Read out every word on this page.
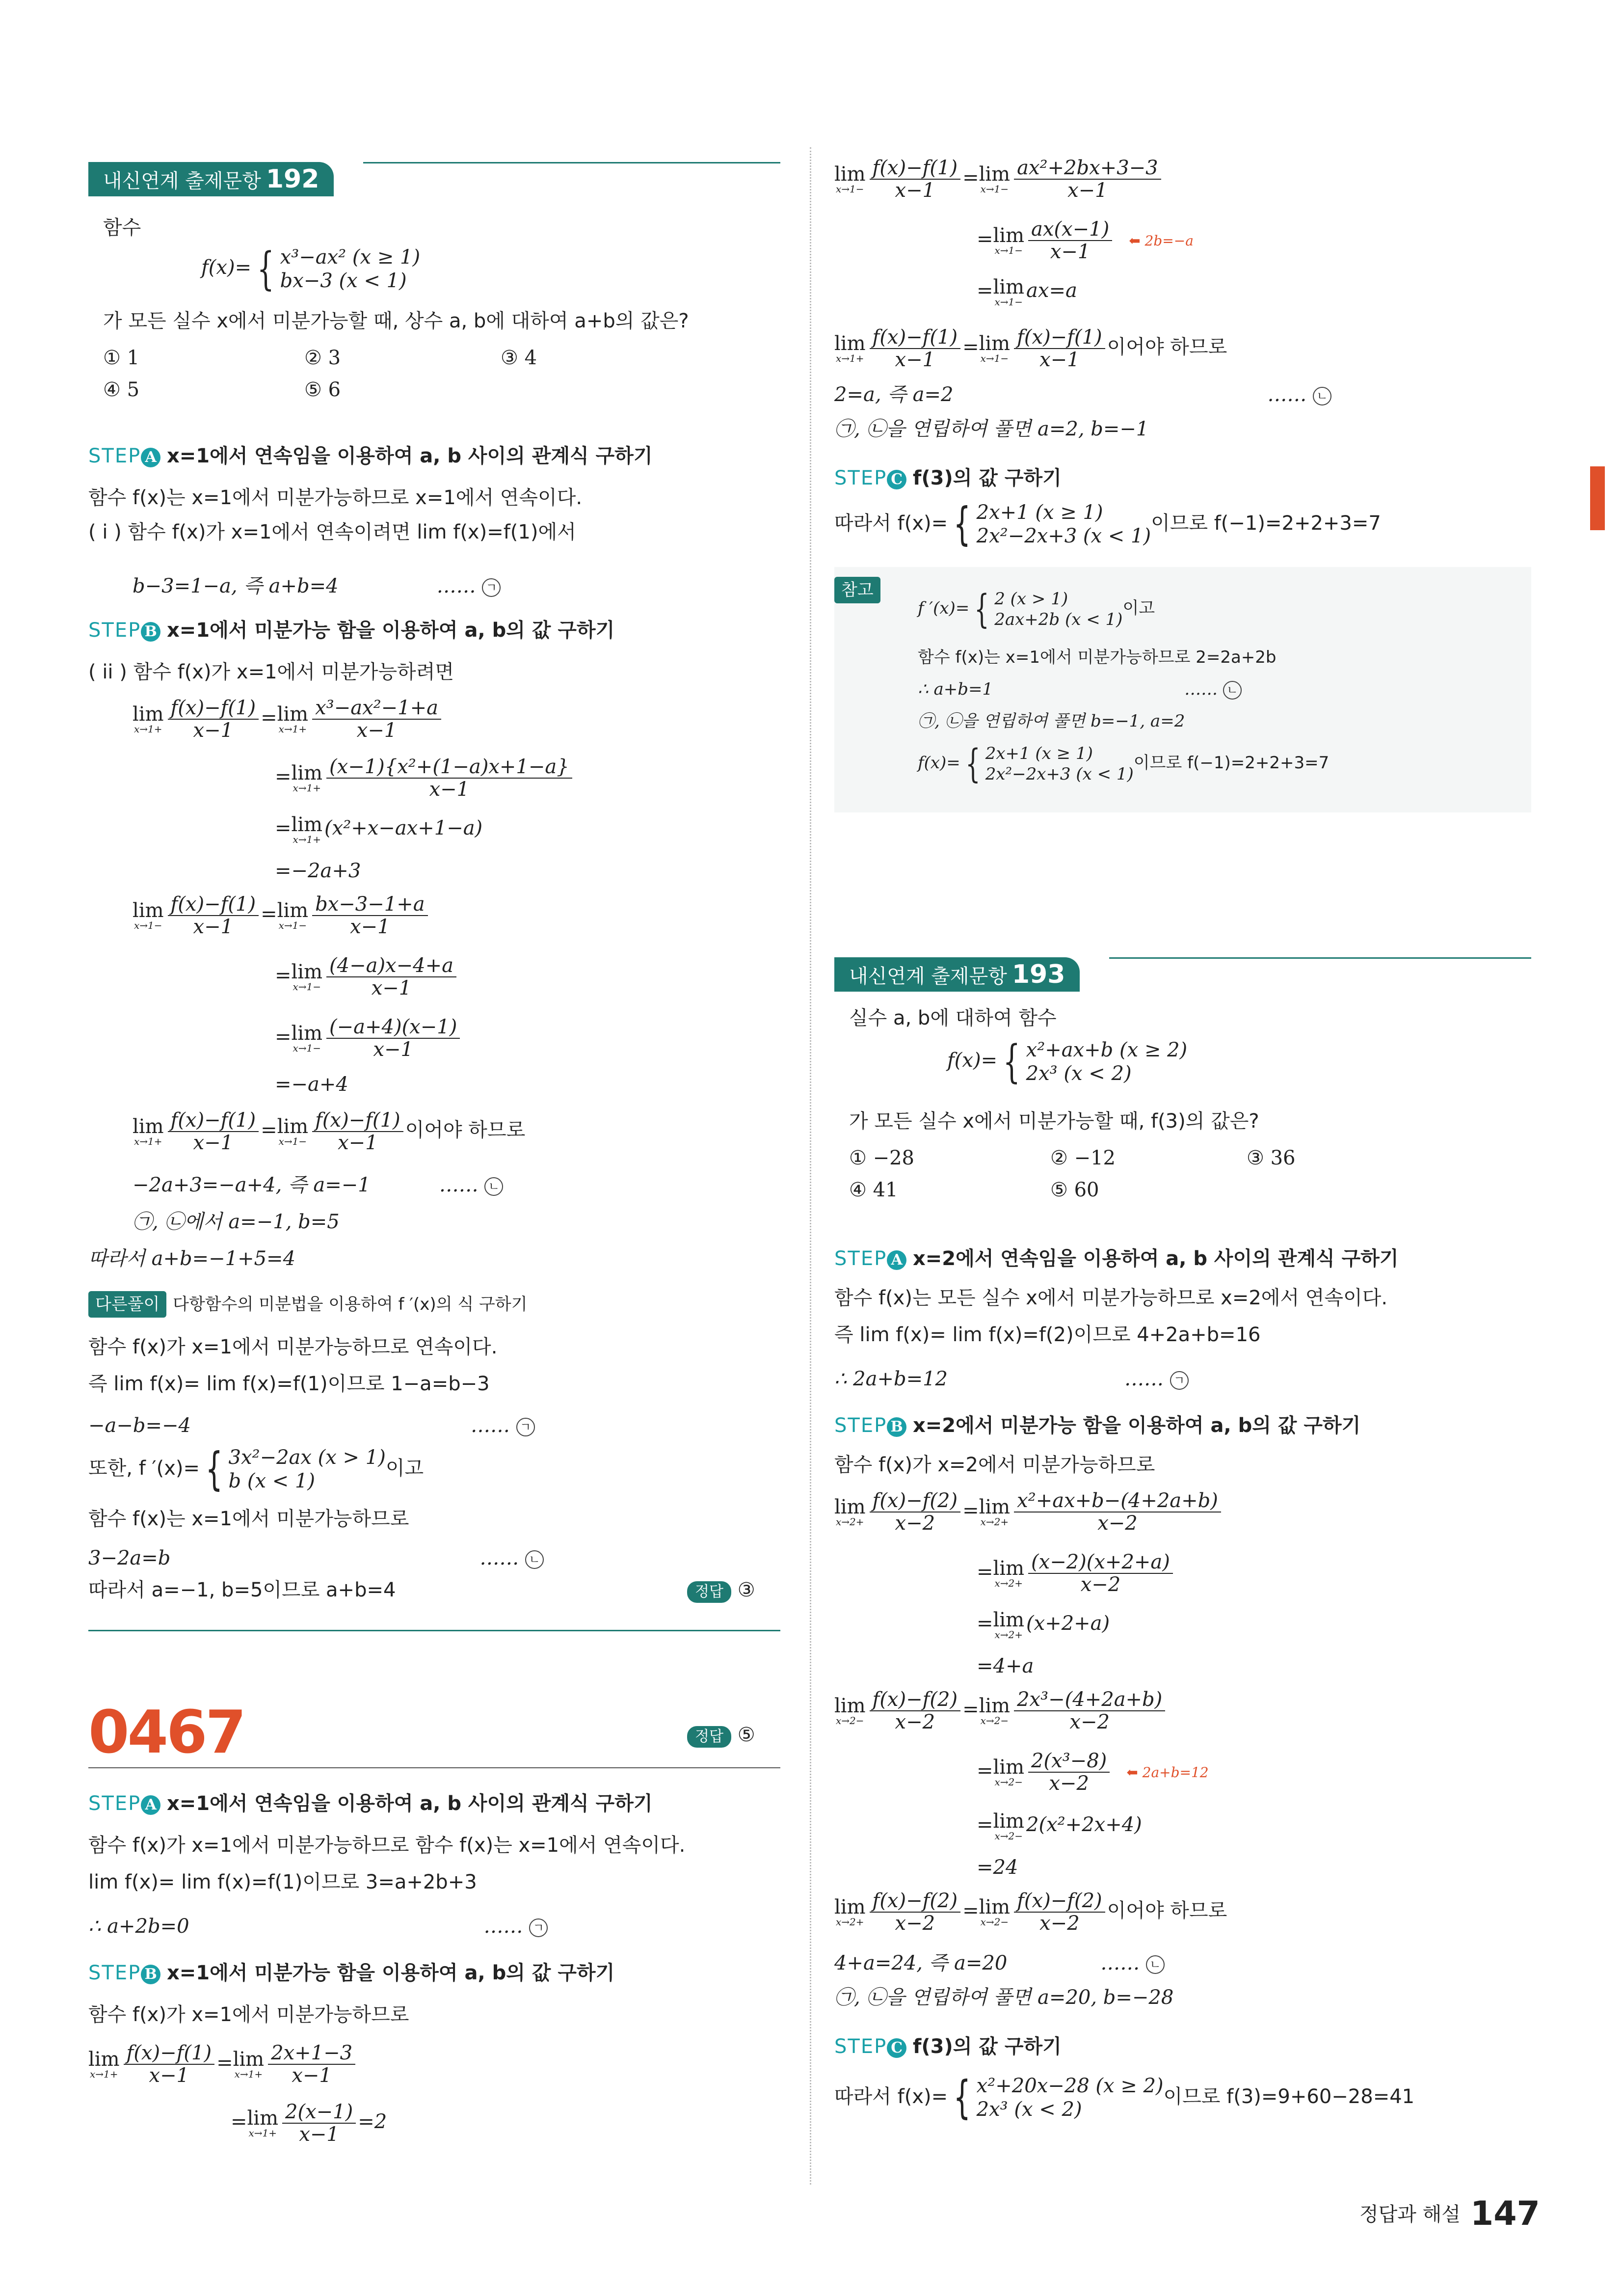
내신연계 출제문항 192
함수
f(x)= { x³−ax² (x ≥ 1)
bx−3 (x < 1)
가 모든 실수 x에서 미분가능할 때, 상수 a, b에 대하여 a+b의 값은?
① 1	② 3	③ 4
④ 5	⑤ 6
STEP A x=1에서 연속임을 이용하여 a, b 사이의 관계식 구하기
함수 f(x)는 x=1에서 미분가능하므로 x=1에서 연속이다.
( i ) 함수 f(x)가 x=1에서 연속이려면 lim f(x)=f(1)에서
b−3=1−a, 즉 a+b=4	…… ㄱ
STEP B x=1에서 미분가능 함을 이용하여 a, b의 값 구하기
( ii ) 함수 f(x)가 x=1에서 미분가능하려면
lim
$x\to 1+ \frac{f(x)-f(1)}{x-1} = \lim$
$x\to 1+ \frac{\text{x³−ax²−1+a}}{x-1}$
= lim
$x\to 1+ \frac{\text{(x−1)\{x²+(1−a)x+1−a\}}}{x-1}$
= lim
x→1+ (x²+x−ax+1−a)
=−2a+3
lim
$x\to 1- \frac{f(x)-f(1)}{x-1} = \lim$
$x\to 1- \frac{bx-3-1+a}{x-1}$
= lim
$x\to 1- \frac{(4-a)x-4+a}{x-1}$
= lim
$x\to 1- \frac{(-a+4)(x-1)}{x-1}$
=−a+4
lim
$x\to 1+ \frac{f(x)-f(1)}{x-1} = \lim$
$x\to 1- \frac{f(x)-f(1)}{x-1}$ 이어야 하므로
−2a+3=−a+4, 즉 a=−1	…… ㄴ
㉠, ㉡에서 a=−1, b=5
따라서 a+b=−1+5=4
다른풀이 다항함수의 미분법을 이용하여 f ′(x)의 식 구하기
함수 f(x)가 x=1에서 미분가능하므로 연속이다.
즉 lim f(x)= lim f(x)=f(1)이므로 1−a=b−3
−a−b=−4	…… ㄱ
또한, f ′(x)= { 3x²−2ax (x > 1)
b (x < 1)이고
함수 f(x)는 x=1에서 미분가능하므로
3−2a=b	…… ㄴ
따라서 a=−1, b=5이므로 a+b=4	정답 ③
0467	정답 ⑤
STEP A x=1에서 연속임을 이용하여 a, b 사이의 관계식 구하기
함수 f(x)가 x=1에서 미분가능하므로 함수 f(x)는 x=1에서 연속이다.
lim f(x)= lim f(x)=f(1)이므로 3=a+2b+3
∴ a+2b=0	…… ㄱ
STEP B x=1에서 미분가능 함을 이용하여 a, b의 값 구하기
함수 f(x)가 x=1에서 미분가능하므로
lim
$x\to 1+ \frac{f(x)-f(1)}{x-1} = \lim$
$x\to 1+ \frac{2x+1-3}{x-1}$
= lim
$x\to 1+ \frac{2(x-1)}{x-1} =2$
lim
$x\to 1- \frac{f(x)-f(1)}{x-1} = \lim$
$x\to 1- \frac{\text{ax²+2bx+3−3}}{x-1}$
= lim
$x\to 1- \frac{ax(x-1)}{x-1}$ ⬅ 2b=−a
= lim
x→1− ax=a
lim
$x\to 1+ \frac{f(x)-f(1)}{x-1} = \lim$
$x\to 1- \frac{f(x)-f(1)}{x-1}$ 이어야 하므로
2=a, 즉 a=2	…… ㄴ
㉠, ㉡을 연립하여 풀면 a=2, b=−1
STEP C f(3)의 값 구하기
따라서 f(x)= { 2x+1 (x ≥ 1)
2x²−2x+3 (x < 1)이므로 f(−1)=2+2+3=7
참고
f ′(x)= { 2 (x > 1)
2ax+2b (x < 1)이고
함수 f(x)는 x=1에서 미분가능하므로 2=2a+2b
∴ a+b=1	…… ㄴ
㉠, ㉡을 연립하여 풀면 b=−1, a=2
f(x)= { 2x+1 (x ≥ 1)
2x²−2x+3 (x < 1)이므로 f(−1)=2+2+3=7
내신연계 출제문항 193
실수 a, b에 대하여 함수
f(x)= { x²+ax+b (x ≥ 2)
2x³ (x < 2)
가 모든 실수 x에서 미분가능할 때, f(3)의 값은?
① −28	② −12	③ 36
④ 41	⑤ 60
STEP A x=2에서 연속임을 이용하여 a, b 사이의 관계식 구하기
함수 f(x)는 모든 실수 x에서 미분가능하므로 x=2에서 연속이다.
즉 lim f(x)= lim f(x)=f(2)이므로 4+2a+b=16
∴ 2a+b=12	…… ㄱ
STEP B x=2에서 미분가능 함을 이용하여 a, b의 값 구하기
함수 f(x)가 x=2에서 미분가능하므로
lim
$x\to 2+ \frac{f(x)-f(2)}{x-2} = \lim$
$x\to 2+ \frac{\text{x²+ax+b−(4+2a+b)}}{x-2}$
= lim
$x\to 2+ \frac{(x-2)(x+2+a)}{x-2}$
= lim
x→2+ (x+2+a)
=4+a
lim
$x\to 2- \frac{f(x)-f(2)}{x-2} = \lim$
$x\to 2- \frac{\text{2x³−(4+2a+b)}}{x-2}$
= lim
$x\to 2- \frac{\text{2(x³−8)}}{x-2}$ ⬅ 2a+b=12
= lim
x→2− 2(x²+2x+4)
=24
lim
$x\to 2+ \frac{f(x)-f(2)}{x-2} = \lim$
$x\to 2- \frac{f(x)-f(2)}{x-2}$ 이어야 하므로
4+a=24, 즉 a=20	…… ㄴ
㉠, ㉡을 연립하여 풀면 a=20, b=−28
STEP C f(3)의 값 구하기
따라서 f(x)= { x²+20x−28 (x ≥ 2)
2x³ (x < 2)이므로 f(3)=9+60−28=41
정답과 해설 147
